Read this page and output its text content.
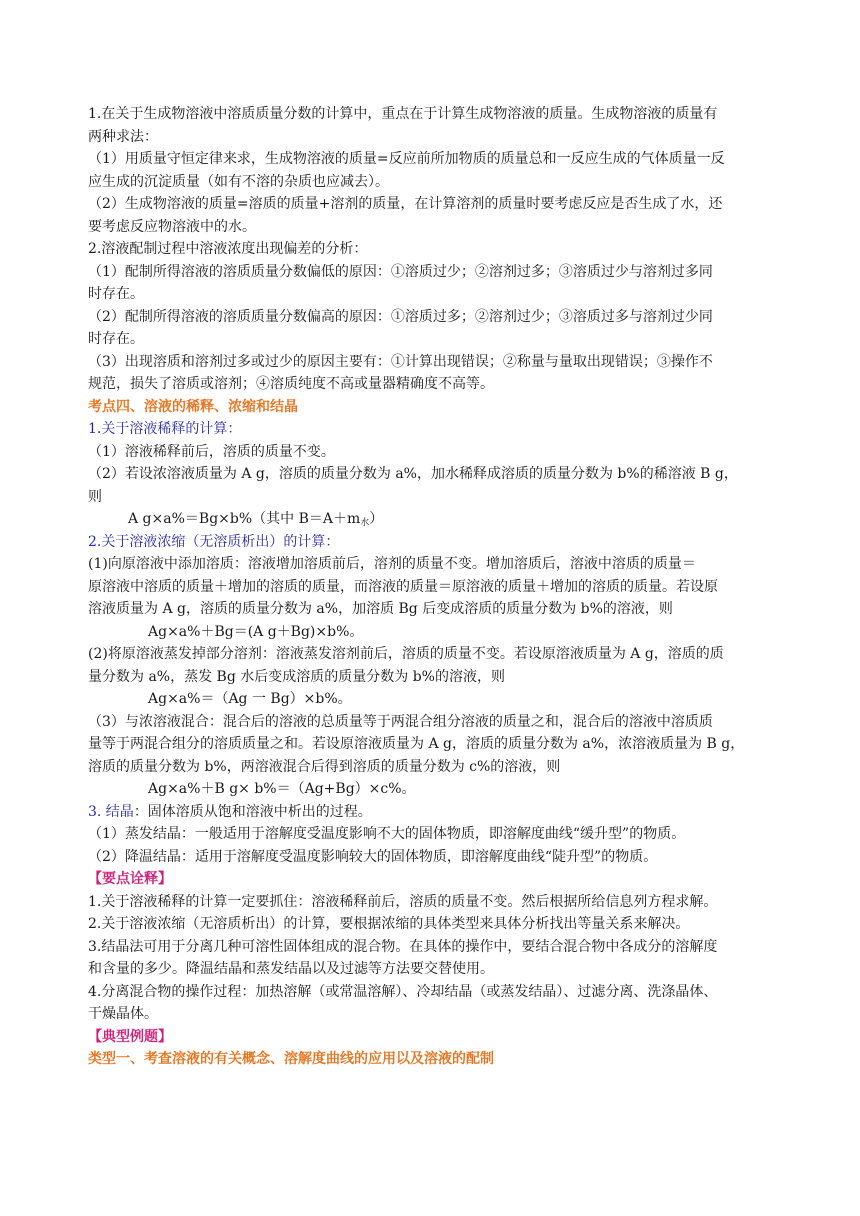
1.在关于生成物溶液中溶质质量分数的计算中，重点在于计算生成物溶液的质量。生成物溶液的质量有
两种求法：
（1）用质量守恒定律来求，生成物溶液的质量=反应前所加物质的质量总和一反应生成的气体质量一反
应生成的沉淀质量（如有不溶的杂质也应减去）。
（2）生成物溶液的质量=溶质的质量+溶剂的质量，在计算溶剂的质量时要考虑反应是否生成了水，还
要考虑反应物溶液中的水。
2.溶液配制过程中溶液浓度出现偏差的分析：
（1）配制所得溶液的溶质质量分数偏低的原因：①溶质过少；②溶剂过多；③溶质过少与溶剂过多同
时存在。
（2）配制所得溶液的溶质质量分数偏高的原因：①溶质过多；②溶剂过少；③溶质过多与溶剂过少同
时存在。
（3）出现溶质和溶剂过多或过少的原因主要有：①计算出现错误；②称量与量取出现错误；③操作不
规范，损失了溶质或溶剂；④溶质纯度不高或量器精确度不高等。
考点四、溶液的稀释、浓缩和结晶
1.关于溶液稀释的计算：
（1）溶液稀释前后，溶质的质量不变。
（2）若设浓溶液质量为 A g，溶质的质量分数为 a%，加水稀释成溶质的质量分数为 b%的稀溶液 B g，
则
A g×a%＝Bg×b%（其中 $B=A+m_水$）
2.关于溶液浓缩（无溶质析出）的计算：
(1)向原溶液中添加溶质：溶液增加溶质前后，溶剂的质量不变。增加溶质后，溶液中溶质的质量＝
原溶液中溶质的质量＋增加的溶质的质量，而溶液的质量＝原溶液的质量＋增加的溶质的质量。若设原
溶液质量为 A g，溶质的质量分数为 a%，加溶质 Bg 后变成溶质的质量分数为 b%的溶液，则
Ag×a%＋Bg＝(A g＋Bg)×b%。
(2)将原溶液蒸发掉部分溶剂：溶液蒸发溶剂前后，溶质的质量不变。若设原溶液质量为 A g，溶质的质
量分数为 a%，蒸发 Bg 水后变成溶质的质量分数为 b%的溶液，则
Ag×a%＝（Ag 一 Bg）×b%。
（3）与浓溶液混合：混合后的溶液的总质量等于两混合组分溶液的质量之和，混合后的溶液中溶质质
量等于两混合组分的溶质质量之和。若设原溶液质量为 A g，溶质的质量分数为 a%，浓溶液质量为 B g，
溶质的质量分数为 b%，两溶液混合后得到溶质的质量分数为 c%的溶液，则
Ag×a%＋B g× b%＝（Ag+Bg）×c%。
3. 结晶：固体溶质从饱和溶液中析出的过程。
（1）蒸发结晶：一般适用于溶解度受温度影响不大的固体物质，即溶解度曲线“缓升型”的物质。
（2）降温结晶：适用于溶解度受温度影响较大的固体物质，即溶解度曲线“陡升型”的物质。
【要点诠释】
1.关于溶液稀释的计算一定要抓住：溶液稀释前后，溶质的质量不变。然后根据所给信息列方程求解。
2.关于溶液浓缩（无溶质析出）的计算，要根据浓缩的具体类型来具体分析找出等量关系来解决。
3.结晶法可用于分离几种可溶性固体组成的混合物。在具体的操作中，要结合混合物中各成分的溶解度
和含量的多少。降温结晶和蒸发结晶以及过滤等方法要交替使用。
4.分离混合物的操作过程：加热溶解（或常温溶解）、冷却结晶（或蒸发结晶）、过滤分离、洗涤晶体、
干燥晶体。
【典型例题】
类型一、考查溶液的有关概念、溶解度曲线的应用以及溶液的配制
